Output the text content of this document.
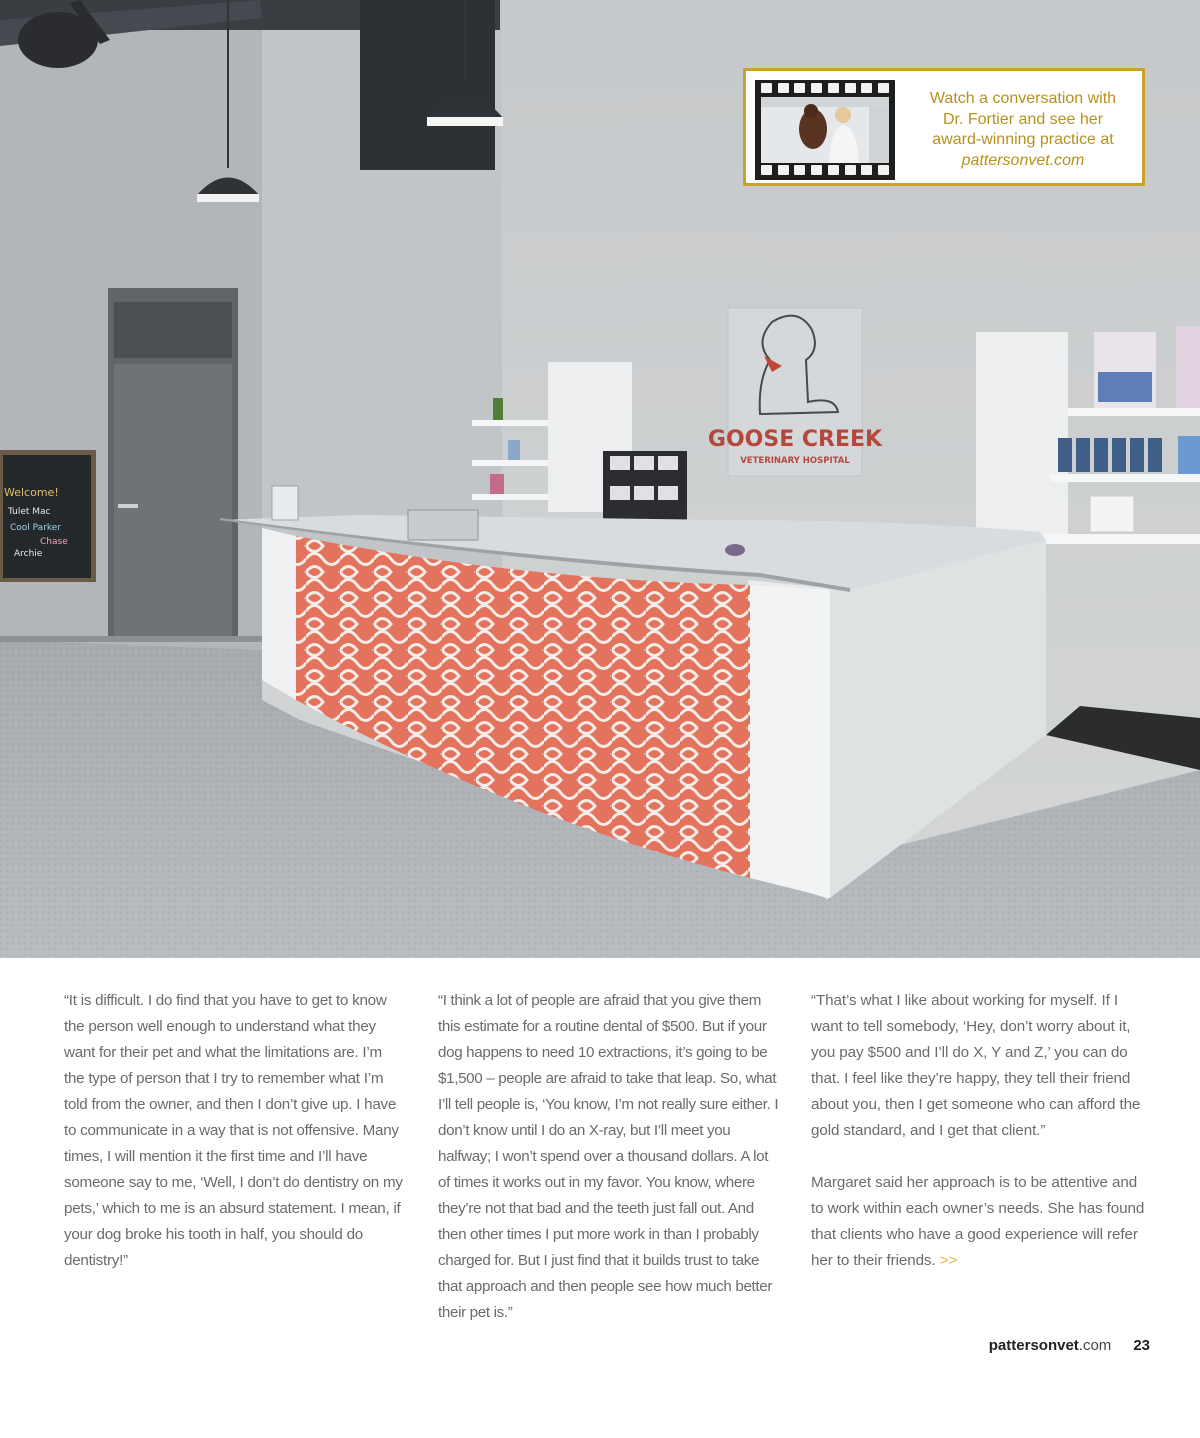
Welcome!
Tulet Mac
Cool Parker
Chase
Archie
GOOSE CREEK
VETERINARY HOSPITAL
Watch a conversation with
Dr. Fortier and see her
award-winning practice at
pattersonvet.com

“It is difficult. I do find that you have to get to know the person well enough to understand what they want for their pet and what the limitations are. I’m the type of person that I try to remember what I’m told from the owner, and then I don’t give up. I have to communicate in a way that is not offensive. Many times, I will mention it the first time and I’ll have someone say to me, ‘Well, I don’t do dentistry on my pets,’ which to me is an absurd statement. I mean, if your dog broke his tooth in half, you should do dentistry!”

“I think a lot of people are afraid that you give them this estimate for a routine dental of $500. But if your dog happens to need 10 extractions, it’s going to be $1,500 – people are afraid to take that leap. So, what I’ll tell people is, ‘You know, I’m not really sure either. I don’t know until I do an X-ray, but I’ll meet you halfway; I won’t spend over a thousand dollars. A lot of times it works out in my favor. You know, where they’re not that bad and the teeth just fall out. And then other times I put more work in than I probably charged for. But I just find that it builds trust to take that approach and then people see how much better their pet is.”

“That’s what I like about working for myself. If I want to tell somebody, ‘Hey, don’t worry about it, you pay $500 and I’ll do X, Y and Z,’ you can do that. I feel like they’re happy, they tell their friend about you, then I get someone who can afford the gold standard, and I get that client.”

Margaret said her approach is to be attentive and to work within each owner’s needs. She has found that clients who have a good experience will refer her to their friends. >>

pattersonvet .com 23
